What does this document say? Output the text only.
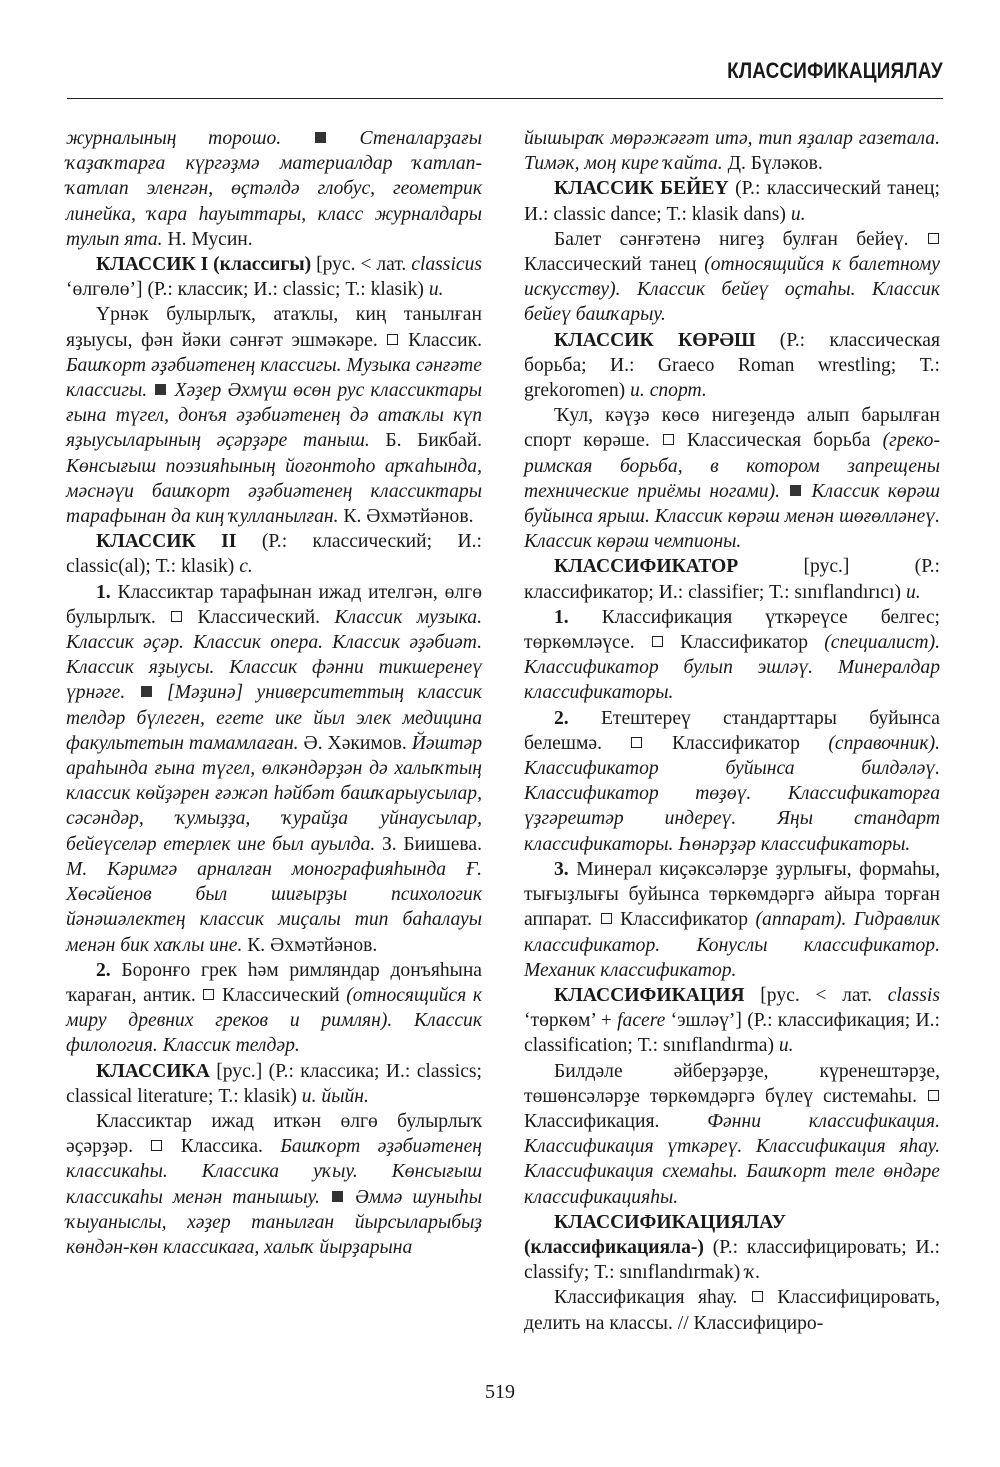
КЛАССИФИКАЦИЯЛАУ

журналының торошо.	Стеналарҙағы ҡаҙаҡтарға күргәҙмә материалдар ҡатлап-ҡатлап эленгән, өҫтәлдә глобус, геометрик линейка, ҡара һауыттары, класс журналдары тулып ята. Н. Мусин.

КЛАССИК I (классигы) [рус. < лат. classicus ‘өлгөлө’] (Р.: классик; И.: classic; Т.: klasik) и.

Үрнәк булырлыҡ, атаҡлы, киң танылған яҙыусы, фән йәки сәнғәт эшмәкәре.  Классик. Башҡорт әҙәбиәтенең классигы. Музыка сәнғәте классигы. Хәҙер Әхмүш өсөн рус классиктары ғына түгел, донъя әҙәбиәтенең дә атаҡлы күп яҙыусыларының әҫәрҙәре таныш. Б. Бикбай. Көнсығыш поэзияһының йоғонтоһо арҡаһында, мәснәүи башҡорт әҙәбиәтенең классиктары тарафынан да киң ҡулланылған. К. Әхмәтйәнов.

КЛАССИК II (Р.: классический; И.: classic(al); Т.: klasik) с.

1. Классиктар тарафынан ижад ителгән, өлгө булырлыҡ.  Классический. Классик музыка. Классик әҫәр. Классик опера. Классик әҙәбиәт. Классик яҙыусы. Классик фәнни тикшеренеү үрнәге. [Мәҙинә] университеттың классик телдәр бүлеген, егете ике йыл элек медицина факультетын тамамлаған. Ә. Хәкимов. Йәштәр араһында ғына түгел, өлкәндәрҙән дә халыҡтың классик көйҙәрен ғәжәп һәйбәт башҡарыусылар, сәсәндәр, ҡумыҙҙа, ҡурайҙа уйнаусылар, бейеүселәр етерлек ине был ауылда. З. Биишева. М. Кәримгә арналған монографияһында Ғ. Хөсәйенов был шиғырҙы психологик йәнәшәлектең классик миҫалы тип баһалауы менән бик хаҡлы ине. К. Әхмәтйәнов.

2. Боронғо грек һәм римляндар донъяһына ҡараған, антик.  Классический (относящийся к миру древних греков и римлян). Классик филология. Классик телдәр.

КЛАССИКА [рус.] (Р.: классика; И.: classics; classical literature; Т.: klasik) и. йыйн.

Классиктар ижад иткән өлгө булырлыҡ әҫәрҙәр.  Классика. Башҡорт әҙәбиәтенең классикаһы. Классика уҡыу. Көнсығыш классикаһы менән танышыу. Әммә шуныһы ҡыуаныслы, хәҙер танылған йырсыларыбыҙ көндән-көн классикаға, халыҡ йырҙарына

йышыраҡ мөрәжәғәт итә, тип яҙалар газетала. Тимәк, моң кире ҡайта. Д. Бүләков.

КЛАССИК БЕЙЕҮ (Р.: классический танец; И.: classic dance; Т.: klasik dans) и.

Балет сәнғәтенә нигеҙ булған бейеү.  Классический танец (относящийся к балетному искусству). Классик бейеү оҫтаһы. Классик бейеү башҡарыу.

КЛАССИК КӨРӘШ (Р.: классическая борьба; И.: Graeco Roman wrestling; Т.: grekoromen) и. спорт.

Ҡул, кәүҙә көсө нигеҙендә алып барылған спорт көрәше.  Классическая борьба (греко-римская борьба, в котором запрещены технические приёмы ногами). Классик көрәш буйынса ярыш. Классик көрәш менән шөғөлләнеү. Классик көрәш чемпионы.

КЛАССИФИКАТОР [рус.] (Р.: классификатор; И.: classifier; Т.: sınıflandırıcı) и.

1. Классификация үткәреүсе белгес; төркөмләүсе.  Классификатор (специалист). Классификатор булып эшләү. Минералдар классификаторы.

2. Етештереү стандарттары буйынса белешмә.  Классификатор (справочник). Классификатор буйынса билдәләү. Классификатор төҙөү. Классификаторға үҙгәрештәр индереү. Яңы стандарт классификаторы. Һөнәрҙәр классификаторы.

3. Минерал киҫәксәләрҙе ҙурлығы, формаһы, тығыҙлығы буйынса төркөмдәргә айыра торған аппарат.  Классификатор (аппарат). Гидравлик классификатор. Конуслы классификатор. Механик классификатор.

КЛАССИФИКАЦИЯ [рус. < лат. classis ‘төркөм’ + facere ‘эшләү’] (Р.: классификация; И.: classification; Т.: sınıflandırma) и.

Билдәле әйберҙәрҙе, күренештәрҙе, төшөнсәләрҙе төркөмдәргә бүлеү системаһы.  Классификация. Фәнни классификация. Классификация үткәреү. Классификация яһау. Классификация схемаһы. Башҡорт теле өндәре классификацияһы.

КЛАССИФИКАЦИЯЛАУ (классификацияла-) (Р.: классифицировать; И.: classify; Т.: sınıflandırmak) ҡ.

Классификация яһау.  Классифицировать, делить на классы. // Классифициро-

519
